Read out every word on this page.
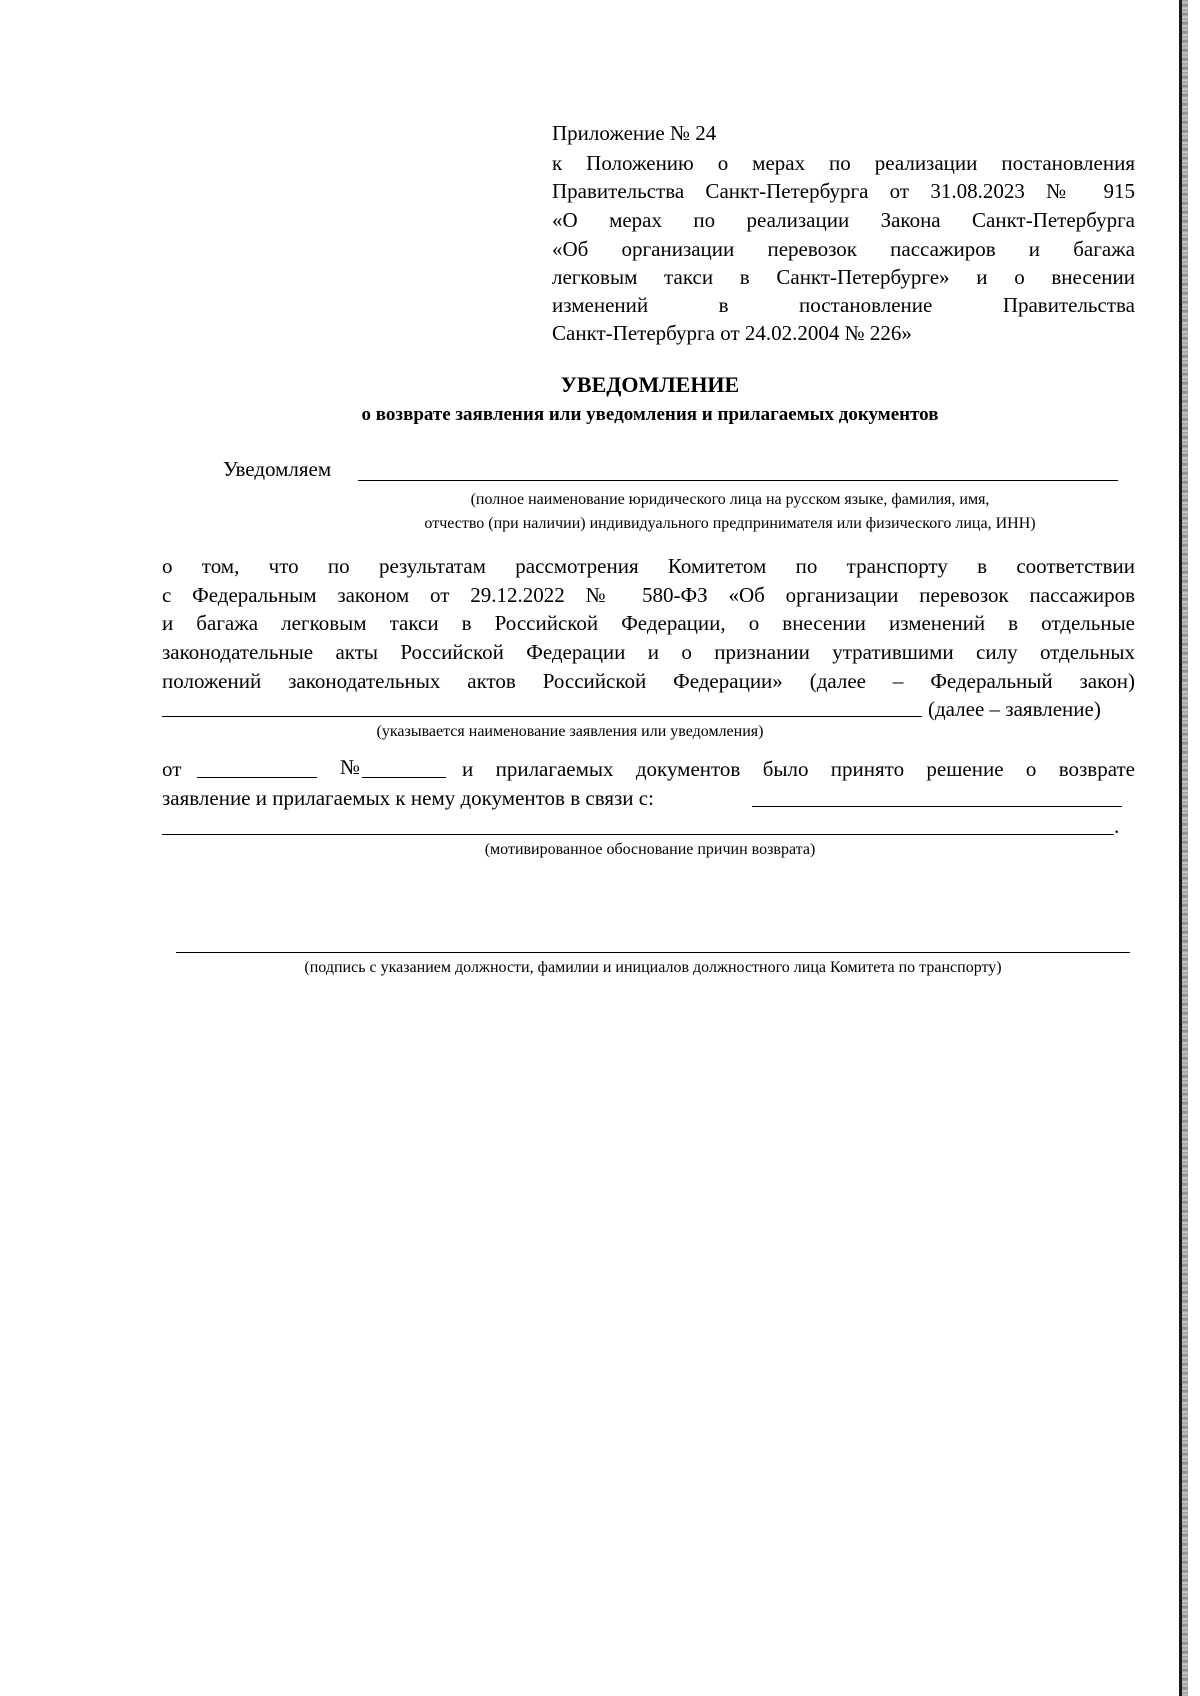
Приложение № 24
к Положению о мерах по реализации постановления
Правительства Санкт-Петербурга от 31.08.2023 № 915
«О мерах по реализации Закона Санкт-Петербурга
«Об организации перевозок пассажиров и багажа
легковым такси в Санкт-Петербурге» и о внесении
изменений	в	постановление	Правительства
Санкт-Петербурга от 24.02.2004 № 226»
УВЕДОМЛЕНИЕ
о возврате заявления или уведомления и прилагаемых документов
Уведомляем
(полное наименование юридического лица на русском языке, фамилия, имя,
отчество (при наличии) индивидуального предпринимателя или физического лица, ИНН)
о том, что по результатам рассмотрения Комитетом по транспорту в соответствии
с Федеральным законом от 29.12.2022 № 580-ФЗ «Об организации перевозок пассажиров
и багажа легковым такси в Российской Федерации, о внесении изменений в отдельные
законодательные акты Российской Федерации и о признании утратившими силу отдельных
положений законодательных актов Российской Федерации» (далее – Федеральный закон)
(далее – заявление)
(указывается наименование заявления или уведомления)
от	№	и прилагаемых документов было принято решение о возврате
заявление и прилагаемых к нему документов в связи с:
.
(мотивированное обоснование причин возврата)
(подпись с указанием должности, фамилии и инициалов должностного лица Комитета по транспорту)
